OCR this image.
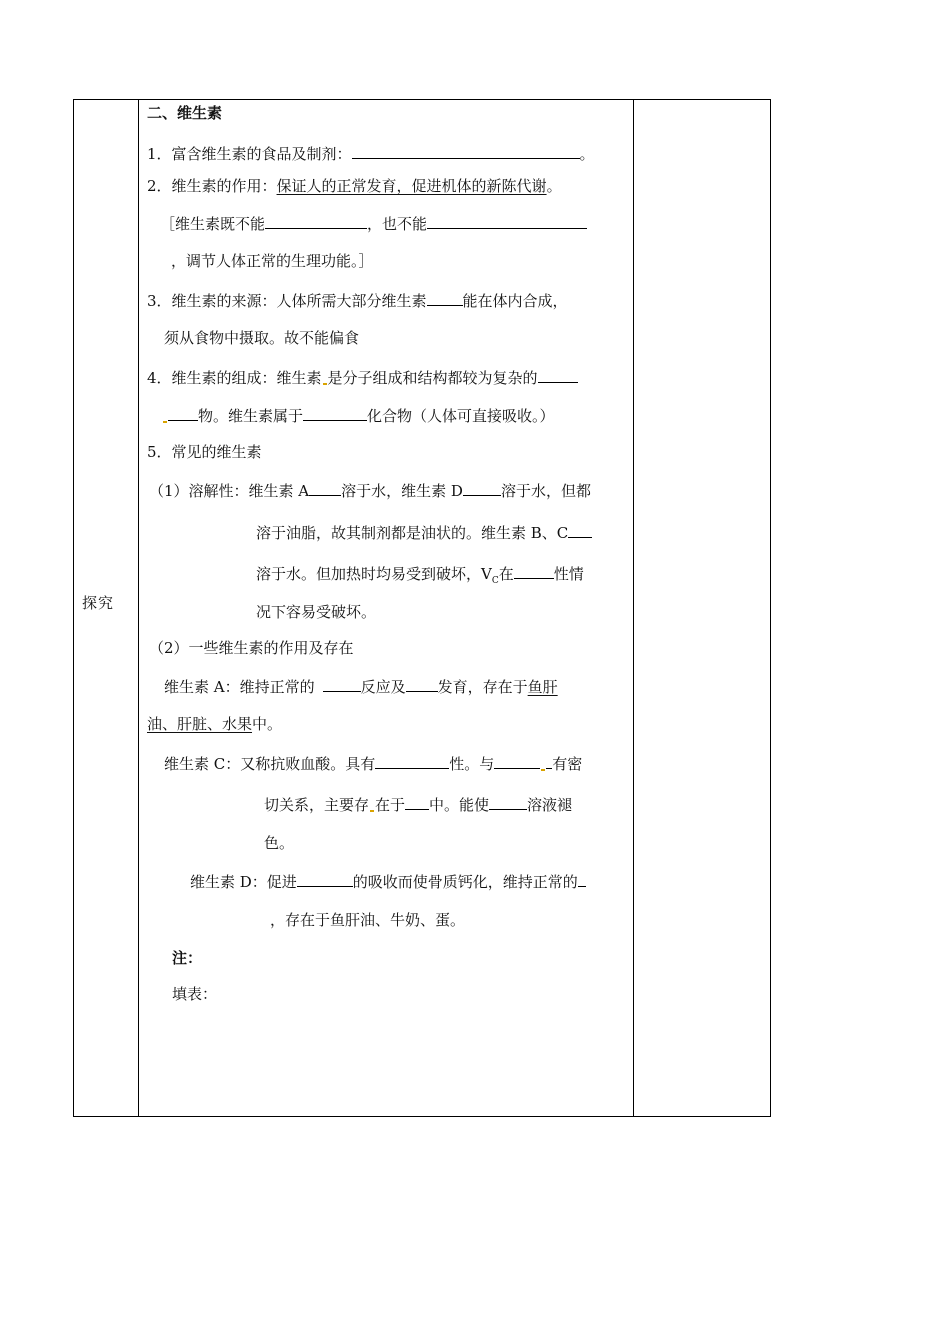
探究
二、维生素
1．富含维生素的食品及制剂：	。
2．维生素的作用：保证人的正常发育，促进机体的新陈代谢。
［维生素既不能	，也不能
，调节人体正常的生理功能。］
3．维生素的来源：人体所需大部分维生素 能在体内合成，
须从食物中摄取。故不能偏食
4．维生素的组成：维生素 是分子组成和结构都较为复杂的
物。维生素属于	化合物（人体可直接吸收。）
5．常见的维生素
（1）溶解性：维生素 A 溶于水，维生素 D	溶于水，但都
溶于油脂，故其制剂都是油状的。维生素 B、C
溶于水。但加热时均易受到破坏，$V_C$在	性情
况下容易受破坏。
（2）一些维生素的作用及存在
维生素 A：维持正常的	反应及 发育，存在于鱼肝
油、肝脏、水果中。
维生素 C：又称抗败血酸。具有	性。与	有密
切关系，主要存 在于 中。能使	溶液褪
色。
维生素 D：促进	的吸收而使骨质钙化，维持正常的
，存在于鱼肝油、牛奶、蛋。
注：
填表：
